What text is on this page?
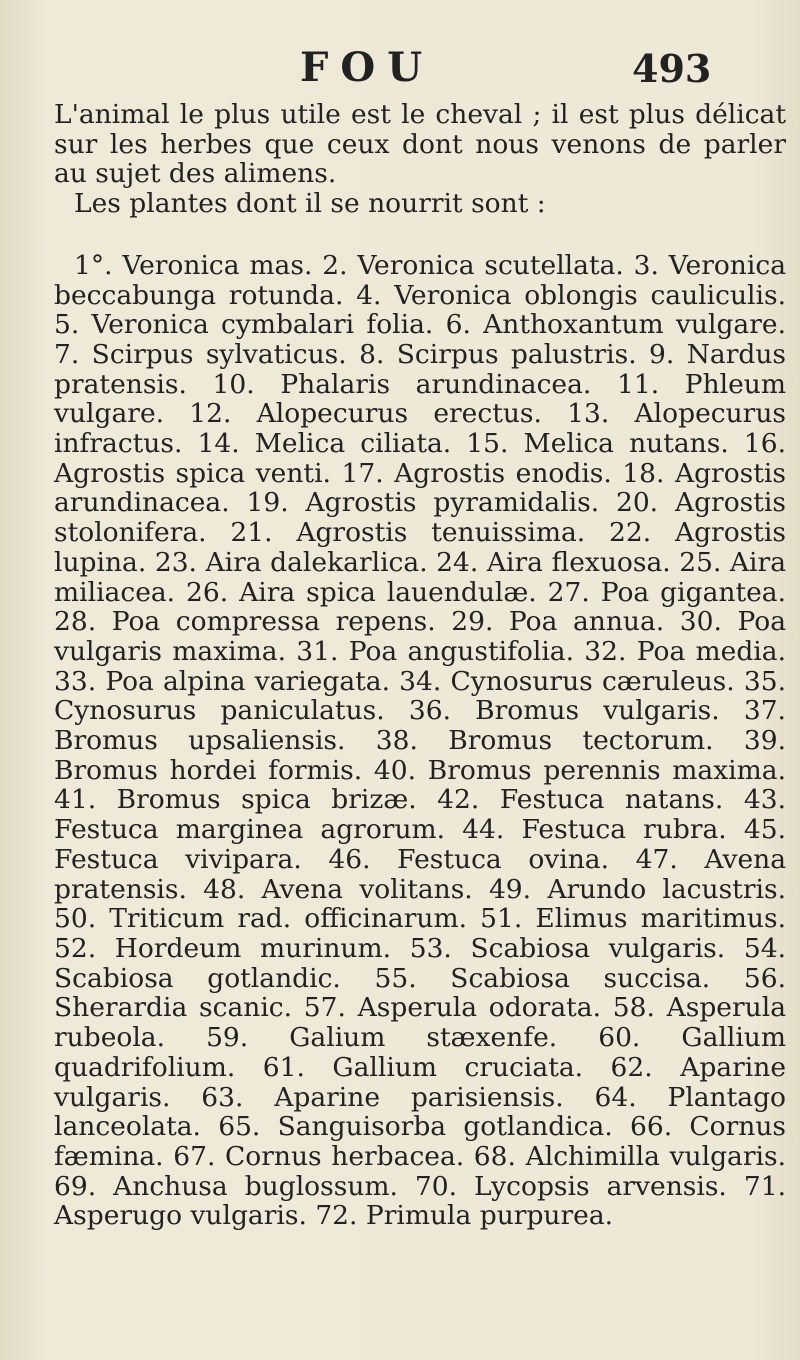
FOU	493

L'animal le plus utile est le cheval ; il est plus délicat sur les herbes que ceux dont nous venons de parler au sujet des alimens.

Les plantes dont il se nourrit sont :

1°. Veronica mas. 2. Veronica scutellata. 3. Veronica beccabunga rotunda. 4. Veronica oblongis cauliculis. 5. Veronica cymbalari folia. 6. Anthoxantum vulgare. 7. Scirpus sylvaticus. 8. Scirpus palustris. 9. Nardus pratensis. 10. Phalaris arundinacea. 11. Phleum vulgare. 12. Alopecurus erectus. 13. Alopecurus infractus. 14. Melica ciliata. 15. Melica nutans. 16. Agrostis spica venti. 17. Agrostis enodis. 18. Agrostis arundinacea. 19. Agrostis pyramidalis. 20. Agrostis stolonifera. 21. Agrostis tenuissima. 22. Agrostis lupina. 23. Aira dalekarlica. 24. Aira flexuosa. 25. Aira miliacea. 26. Aira spica lauendulæ. 27. Poa gigantea. 28. Poa compressa repens. 29. Poa annua. 30. Poa vulgaris maxima. 31. Poa angustifolia. 32. Poa media. 33. Poa alpina variegata. 34. Cynosurus cæruleus. 35. Cynosurus paniculatus. 36. Bromus vulgaris. 37. Bromus upsaliensis. 38. Bromus tectorum. 39. Bromus hordei formis. 40. Bromus perennis maxima. 41. Bromus spica brizæ. 42. Festuca natans. 43. Festuca marginea agrorum. 44. Festuca rubra. 45. Festuca vivipara. 46. Festuca ovina. 47. Avena pratensis. 48. Avena volitans. 49. Arundo lacustris. 50. Triticum rad. officinarum. 51. Elimus maritimus. 52. Hordeum murinum. 53. Scabiosa vulgaris. 54. Scabiosa gotlandic. 55. Scabiosa succisa. 56. Sherardia scanic. 57. Asperula odorata. 58. Asperula rubeola. 59. Galium stæxenfe. 60. Gallium quadrifolium. 61. Gallium cruciata. 62. Aparine vulgaris. 63. Aparine parisiensis. 64. Plantago lanceolata. 65. Sanguisorba gotlandica. 66. Cornus fæmina. 67. Cornus herbacea. 68. Alchimilla vulgaris. 69. Anchusa buglossum. 70. Lycopsis arvensis. 71. Asperugo vulgaris. 72. Primula purpurea.
